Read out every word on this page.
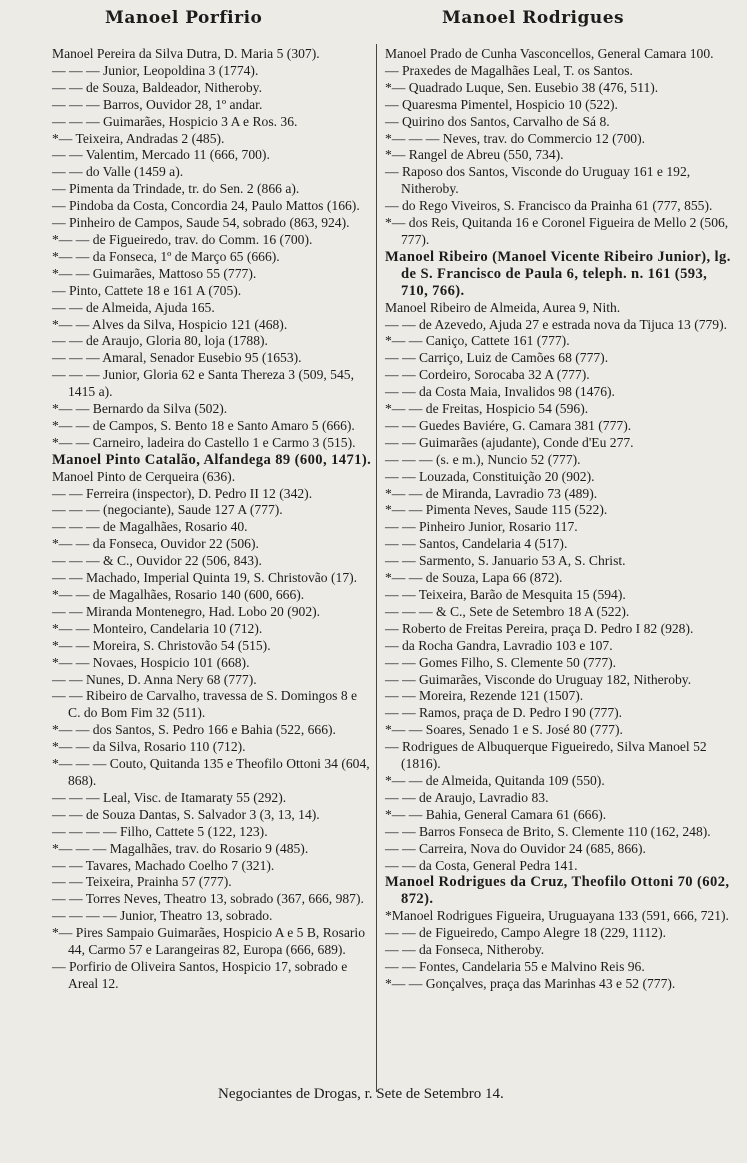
Manoel Porfirio	Manoel Rodrigues
Manoel Pereira da Silva Dutra, D. Maria 5 (307).
— — — Junior, Leopoldina 3 (1774).
— — de Souza, Baldeador, Nitheroby.
— — — Barros, Ouvidor 28, 1º andar.
— — — Guimarães, Hospicio 3 A e Ros. 36.
*— Teixeira, Andradas 2 (485).
— — Valentim, Mercado 11 (666, 700).
— — do Valle (1459 a).
— Pimenta da Trindade, tr. do Sen. 2 (866 a).
— Pindoba da Costa, Concordia 24, Paulo Mattos (166).
— Pinheiro de Campos, Saude 54, sobrado (863, 924).
*— — de Figueiredo, trav. do Comm. 16 (700).
*— — da Fonseca, 1º de Março 65 (666).
*— — Guimarães, Mattoso 55 (777).
— Pinto, Cattete 18 e 161 A (705).
— — de Almeida, Ajuda 165.
*— — Alves da Silva, Hospicio 121 (468).
— — de Araujo, Gloria 80, loja (1788).
— — — Amaral, Senador Eusebio 95 (1653).
— — — Junior, Gloria 62 e Santa Thereza 3 (509, 545, 1415 a).
*— — Bernardo da Silva (502).
*— — de Campos, S. Bento 18 e Santo Amaro 5 (666).
*— — Carneiro, ladeira do Castello 1 e Carmo 3 (515).
Manoel Pinto Catalão, Alfandega 89 (600, 1471).
Manoel Pinto de Cerqueira (636).
— — Ferreira (inspector), D. Pedro II 12 (342).
— — — (negociante), Saude 127 A (777).
— — — de Magalhães, Rosario 40.
*— — da Fonseca, Ouvidor 22 (506).
— — — & C., Ouvidor 22 (506, 843).
— — Machado, Imperial Quinta 19, S. Christovão (17).
*— — de Magalhães, Rosario 140 (600, 666).
— — Miranda Montenegro, Had. Lobo 20 (902).
*— — Monteiro, Candelaria 10 (712).
*— — Moreira, S. Christovão 54 (515).
*— — Novaes, Hospicio 101 (668).
— — Nunes, D. Anna Nery 68 (777).
— — Ribeiro de Carvalho, travessa de S. Domingos 8 e C. do Bom Fim 32 (511).
*— — dos Santos, S. Pedro 166 e Bahia (522, 666).
*— — da Silva, Rosario 110 (712).
*— — — Couto, Quitanda 135 e Theofilo Ottoni 34 (604, 868).
— — — Leal, Visc. de Itamaraty 55 (292).
— — de Souza Dantas, S. Salvador 3 (3, 13, 14).
— — — — Filho, Cattete 5 (122, 123).
*— — — Magalhães, trav. do Rosario 9 (485).
— — Tavares, Machado Coelho 7 (321).
— — Teixeira, Prainha 57 (777).
— — Torres Neves, Theatro 13, sobrado (367, 666, 987).
— — — — Junior, Theatro 13, sobrado.
*— Pires Sampaio Guimarães, Hospicio A e 5 B, Rosario 44, Carmo 57 e Larangeiras 82, Europa (666, 689).
— Porfirio de Oliveira Santos, Hospicio 17, sobrado e Areal 12.
Manoel Prado de Cunha Vasconcellos, General Camara 100.
— Praxedes de Magalhães Leal, T. os Santos.
*— Quadrado Luque, Sen. Eusebio 38 (476, 511).
— Quaresma Pimentel, Hospicio 10 (522).
— Quirino dos Santos, Carvalho de Sá 8.
*— — — Neves, trav. do Commercio 12 (700).
*— Rangel de Abreu (550, 734).
— Raposo dos Santos, Visconde do Uruguay 161 e 192, Nitheroby.
— do Rego Viveiros, S. Francisco da Prainha 61 (777, 855).
*— dos Reis, Quitanda 16 e Coronel Figueira de Mello 2 (506, 777).
Manoel Ribeiro (Manoel Vicente Ribeiro Junior), lg. de S. Francisco de Paula 6, teleph. n. 161 (593, 710, 766).
Manoel Ribeiro de Almeida, Aurea 9, Nith.
— — de Azevedo, Ajuda 27 e estrada nova da Tijuca 13 (779).
*— — Caniço, Cattete 161 (777).
— — Carriço, Luiz de Camões 68 (777).
— — Cordeiro, Sorocaba 32 A (777).
— — da Costa Maia, Invalidos 98 (1476).
*— — de Freitas, Hospicio 54 (596).
— — Guedes Baviére, G. Camara 381 (777).
— — Guimarães (ajudante), Conde d'Eu 277.
— — — (s. e m.), Nuncio 52 (777).
— — Louzada, Constituição 20 (902).
*— — de Miranda, Lavradio 73 (489).
*— — Pimenta Neves, Saude 115 (522).
— — Pinheiro Junior, Rosario 117.
— — Santos, Candelaria 4 (517).
— — Sarmento, S. Januario 53 A, S. Christ.
*— — de Souza, Lapa 66 (872).
— — Teixeira, Barão de Mesquita 15 (594).
— — — & C., Sete de Setembro 18 A (522).
— Roberto de Freitas Pereira, praça D. Pedro I 82 (928).
— da Rocha Gandra, Lavradio 103 e 107.
— — Gomes Filho, S. Clemente 50 (777).
— — Guimarães, Visconde do Uruguay 182, Nitheroby.
— — Moreira, Rezende 121 (1507).
— — Ramos, praça de D. Pedro I 90 (777).
*— — Soares, Senado 1 e S. José 80 (777).
— Rodrigues de Albuquerque Figueiredo, Silva Manoel 52 (1816).
*— — de Almeida, Quitanda 109 (550).
— — de Araujo, Lavradio 83.
*— — Bahia, General Camara 61 (666).
— — Barros Fonseca de Brito, S. Clemente 110 (162, 248).
— — Carreira, Nova do Ouvidor 24 (685, 866).
— — da Costa, General Pedra 141.
Manoel Rodrigues da Cruz, Theofilo Ottoni 70 (602, 872).
*Manoel Rodrigues Figueira, Uruguayana 133 (591, 666, 721).
— — de Figueiredo, Campo Alegre 18 (229, 1112).
— — da Fonseca, Nitheroby.
— — Fontes, Candelaria 55 e Malvino Reis 96.
*— — Gonçalves, praça das Marinhas 43 e 52 (777).
Negociantes de Drogas, r. Sete de Setembro 14.
